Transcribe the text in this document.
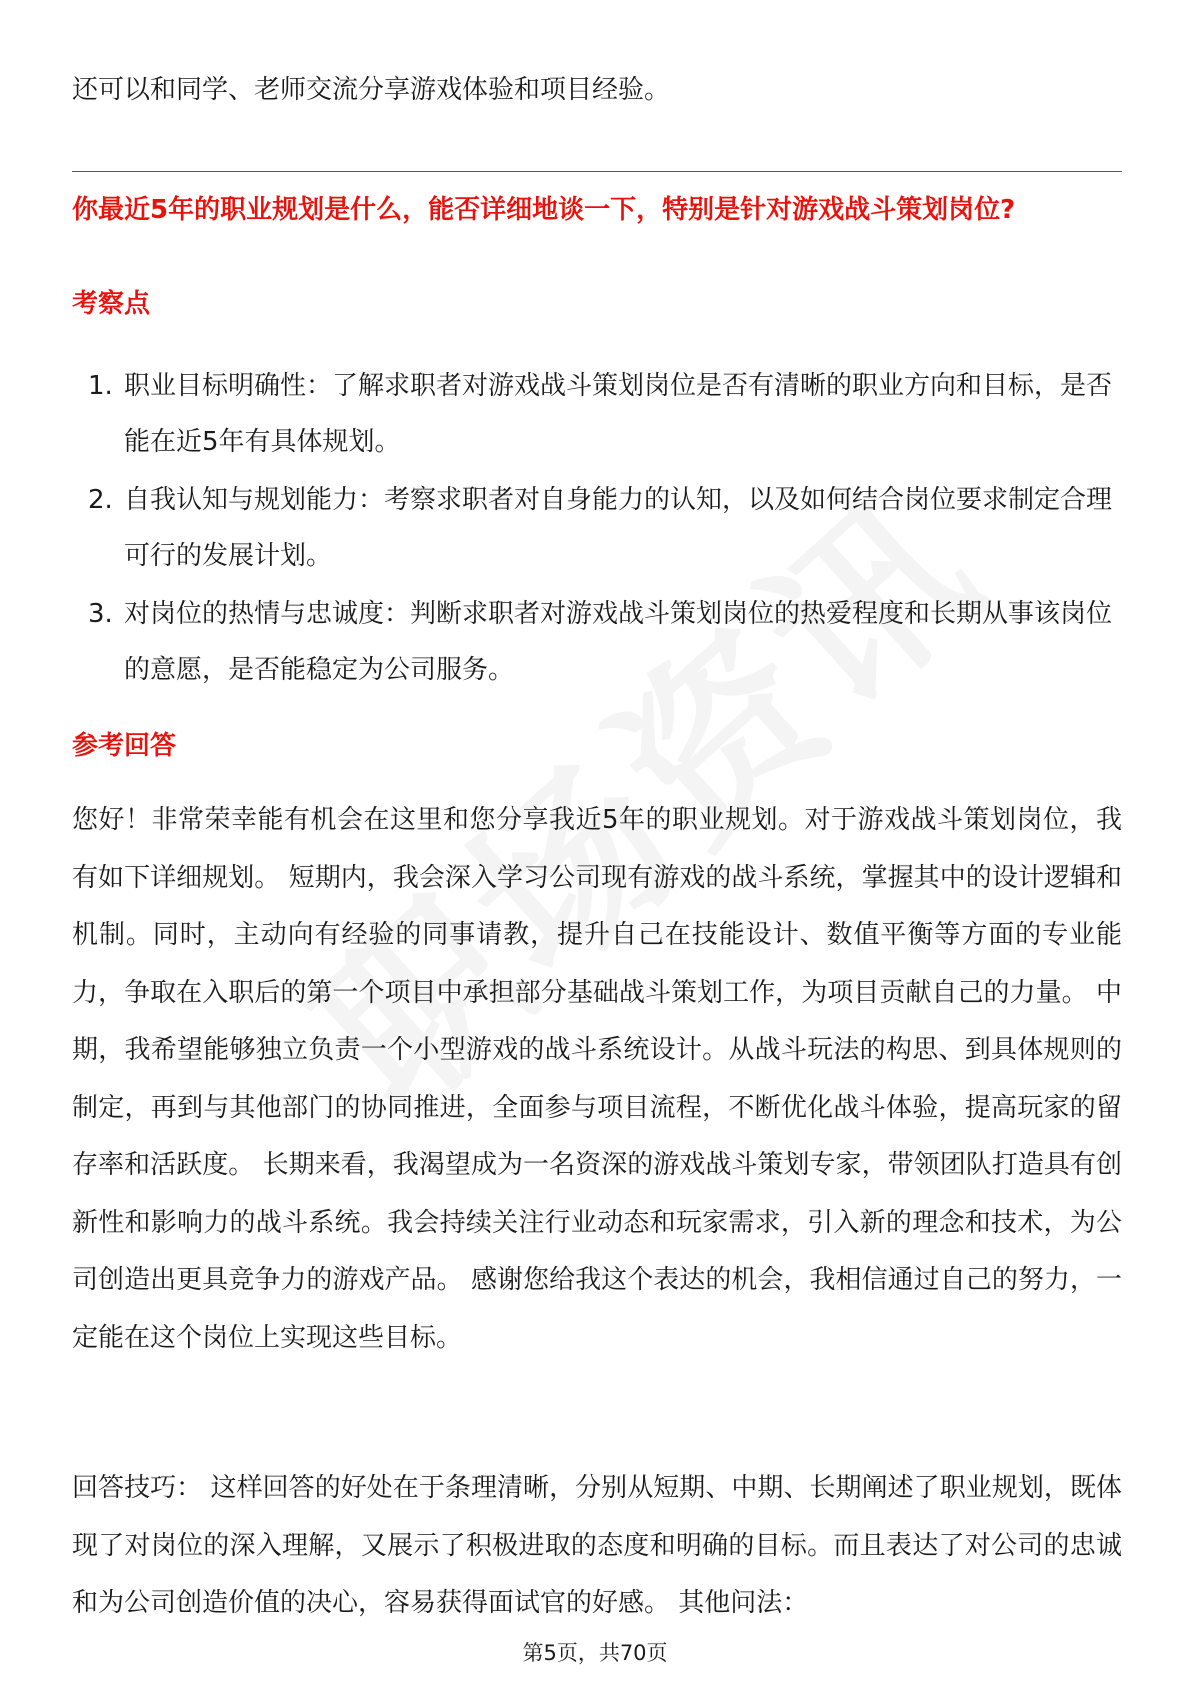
还可以和同学、老师交流分享游戏体验和项目经验。

你最近5年的职业规划是什么，能否详细地谈一下，特别是针对游戏战斗策划岗位?
考察点
1. 职业目标明确性：了解求职者对游戏战斗策划岗位是否有清晰的职业方向和目标，是否能在近5年有具体规划。
2. 自我认知与规划能力：考察求职者对自身能力的认知，以及如何结合岗位要求制定合理可行的发展计划。
3. 对岗位的热情与忠诚度：判断求职者对游戏战斗策划岗位的热爱程度和长期从事该岗位的意愿，是否能稳定为公司服务。
参考回答

您好！非常荣幸能有机会在这里和您分享我近5年的职业规划。对于游戏战斗策划岗位，我有如下详细规划。 短期内，我会深入学习公司现有游戏的战斗系统，掌握其中的设计逻辑和机制。同时，主动向有经验的同事请教，提升自己在技能设计、数值平衡等方面的专业能力，争取在入职后的第一个项目中承担部分基础战斗策划工作，为项目贡献自己的力量。 中期，我希望能够独立负责一个小型游戏的战斗系统设计。从战斗玩法的构思、到具体规则的制定，再到与其他部门的协同推进，全面参与项目流程，不断优化战斗体验，提高玩家的留存率和活跃度。 长期来看，我渴望成为一名资深的游戏战斗策划专家，带领团队打造具有创新性和影响力的战斗系统。我会持续关注行业动态和玩家需求，引入新的理念和技术，为公司创造出更具竞争力的游戏产品。 感谢您给我这个表达的机会，我相信通过自己的努力，一定能在这个岗位上实现这些目标。

回答技巧： 这样回答的好处在于条理清晰，分别从短期、中期、长期阐述了职业规划，既体现了对岗位的深入理解，又展示了积极进取的态度和明确的目标。而且表达了对公司的忠诚和为公司创造价值的决心，容易获得面试官的好感。 其他问法：

第5页，共70页
